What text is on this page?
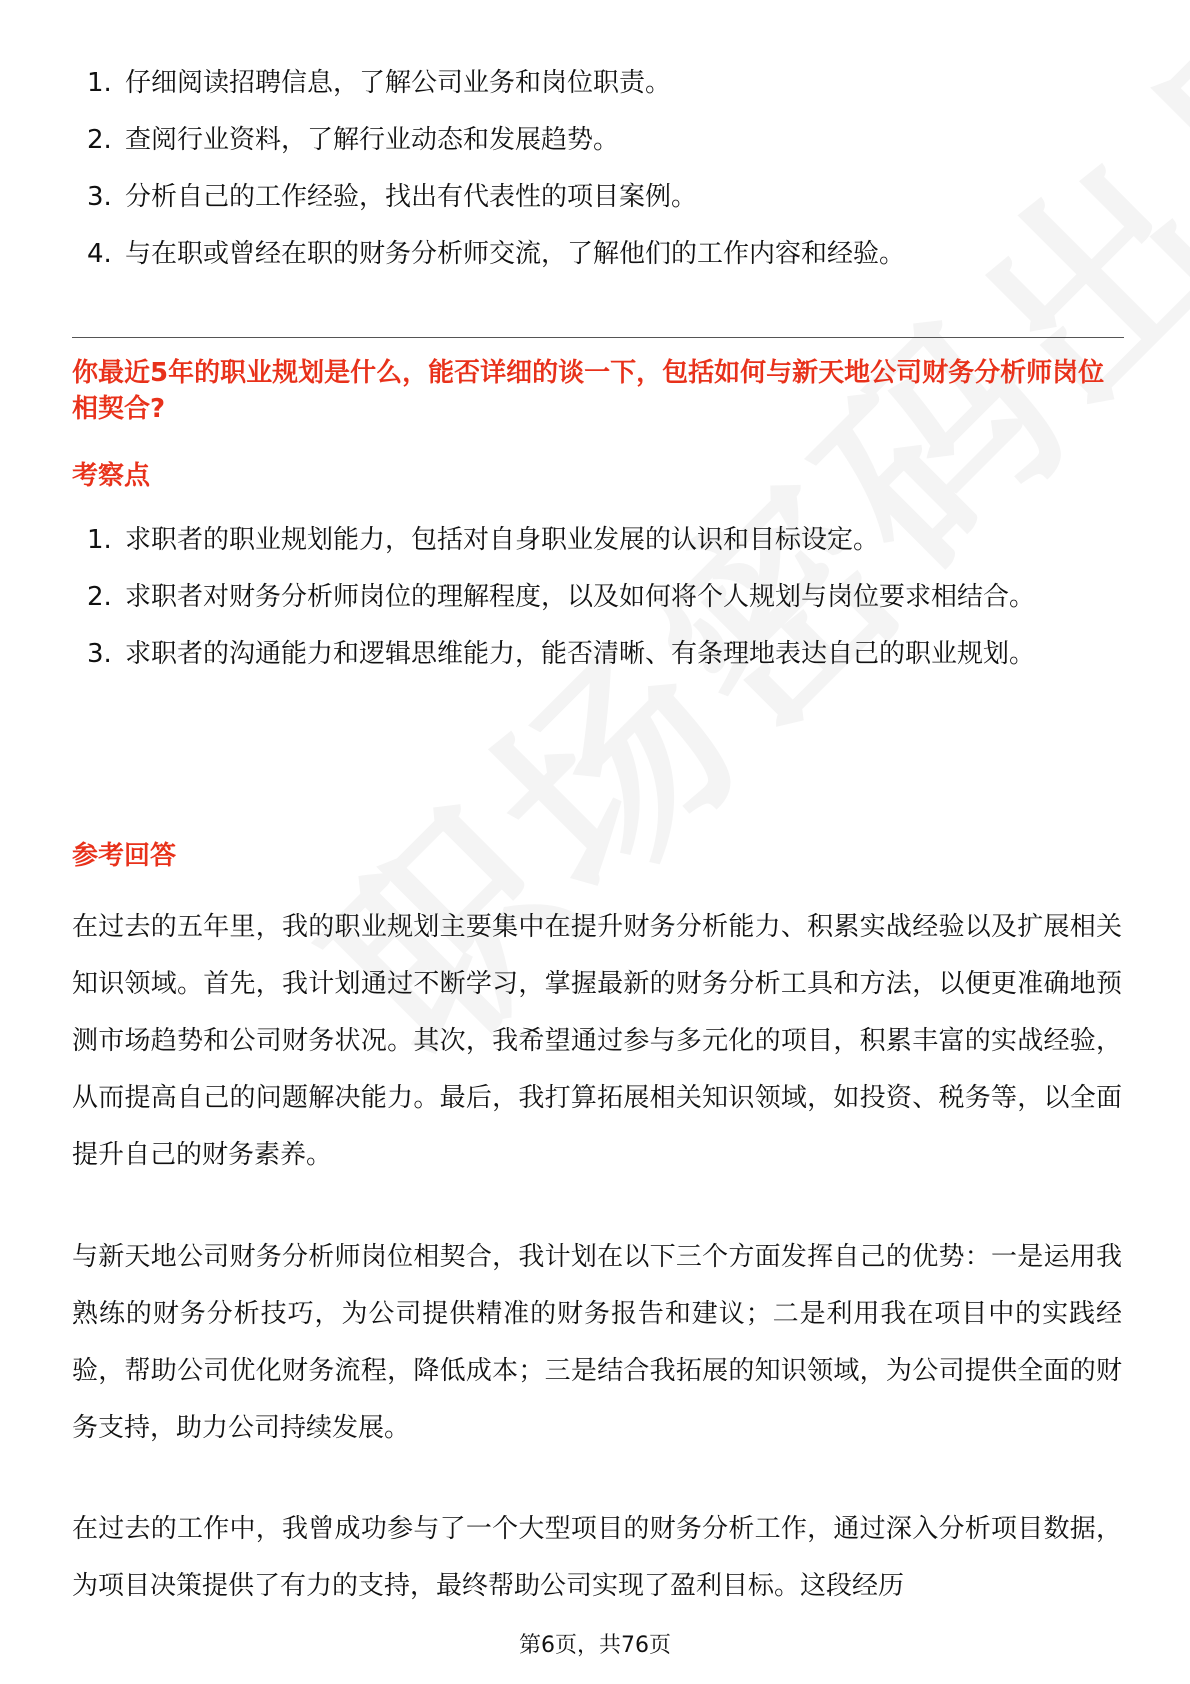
1. 仔细阅读招聘信息，了解公司业务和岗位职责。
2. 查阅行业资料，了解行业动态和发展趋势。
3. 分析自己的工作经验，找出有代表性的项目案例。
4. 与在职或曾经在职的财务分析师交流，了解他们的工作内容和经验。
你最近5年的职业规划是什么，能否详细的谈一下，包括如何与新天地公司财务分析师岗位相契合?
考察点
1. 求职者的职业规划能力，包括对自身职业发展的认识和目标设定。
2. 求职者对财务分析师岗位的理解程度，以及如何将个人规划与岗位要求相结合。
3. 求职者的沟通能力和逻辑思维能力，能否清晰、有条理地表达自己的职业规划。
参考回答

在过去的五年里，我的职业规划主要集中在提升财务分析能力、积累实战经验以及扩展相关知识领域。首先，我计划通过不断学习，掌握最新的财务分析工具和方法，以便更准确地预测市场趋势和公司财务状况。其次，我希望通过参与多元化的项目，积累丰富的实战经验，从而提高自己的问题解决能力。最后，我打算拓展相关知识领域，如投资、税务等，以全面提升自己的财务素养。

与新天地公司财务分析师岗位相契合，我计划在以下三个方面发挥自己的优势：一是运用我熟练的财务分析技巧，为公司提供精准的财务报告和建议；二是利用我在项目中的实践经验，帮助公司优化财务流程，降低成本；三是结合我拓展的知识领域，为公司提供全面的财务支持，助力公司持续发展。

在过去的工作中，我曾成功参与了一个大型项目的财务分析工作，通过深入分析项目数据，为项目决策提供了有力的支持，最终帮助公司实现了盈利目标。这段经历

第6页，共76页
